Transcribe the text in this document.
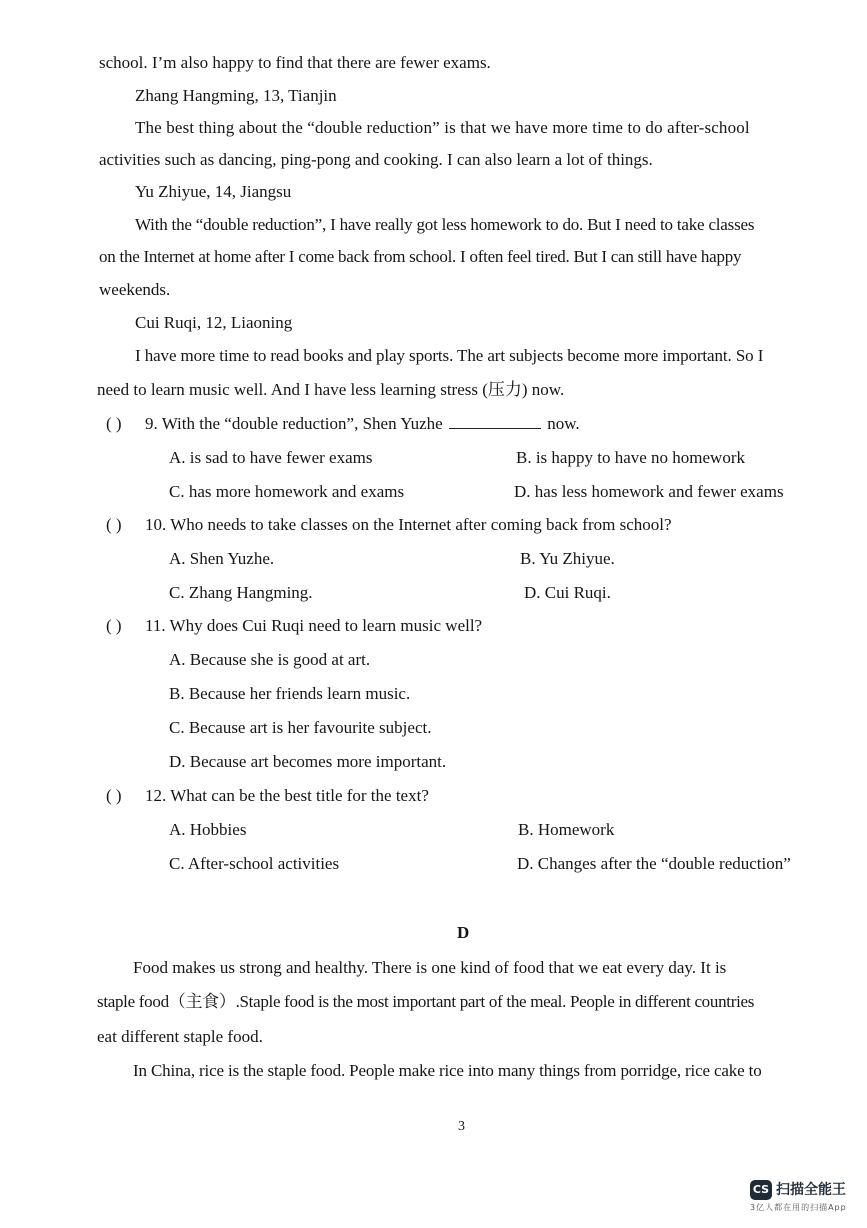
school. I’m also happy to find that there are fewer exams.
Zhang Hangming, 13, Tianjin
The best thing about the “double reduction” is that we have more time to do after-school
activities such as dancing, ping-pong and cooking. I can also learn a lot of things.
Yu Zhiyue, 14, Jiangsu
With the “double reduction”, I have really got less homework to do. But I need to take classes
on the Internet at home after I come back from school. I often feel tired. But I can still have happy
weekends.
Cui Ruqi, 12, Liaoning
I have more time to read books and play sports. The art subjects become more important. So I
need to learn music well. And I have less learning stress (压力) now.
( ) 9. With the “double reduction”, Shen Yuzhe	now.
A. is sad to have fewer exams	B. is happy to have no homework
C. has more homework and exams	D. has less homework and fewer exams
( ) 10. Who needs to take classes on the Internet after coming back from school?
A. Shen Yuzhe.	B. Yu Zhiyue.
C. Zhang Hangming.	D. Cui Ruqi.
( ) 11. Why does Cui Ruqi need to learn music well?
A. Because she is good at art.
B. Because her friends learn music.
C. Because art is her favourite subject.
D. Because art becomes more important.
( ) 12. What can be the best title for the text?
A. Hobbies	B. Homework
C. After-school activities	D. Changes after the “double reduction”
D
Food makes us strong and healthy. There is one kind of food that we eat every day. It is
staple food（主食）.Staple food is the most important part of the meal. People in different countries
eat different staple food.
In China, rice is the staple food. People make rice into many things from porridge, rice cake to
3
CS 扫描全能王
3亿人都在用的扫描App
